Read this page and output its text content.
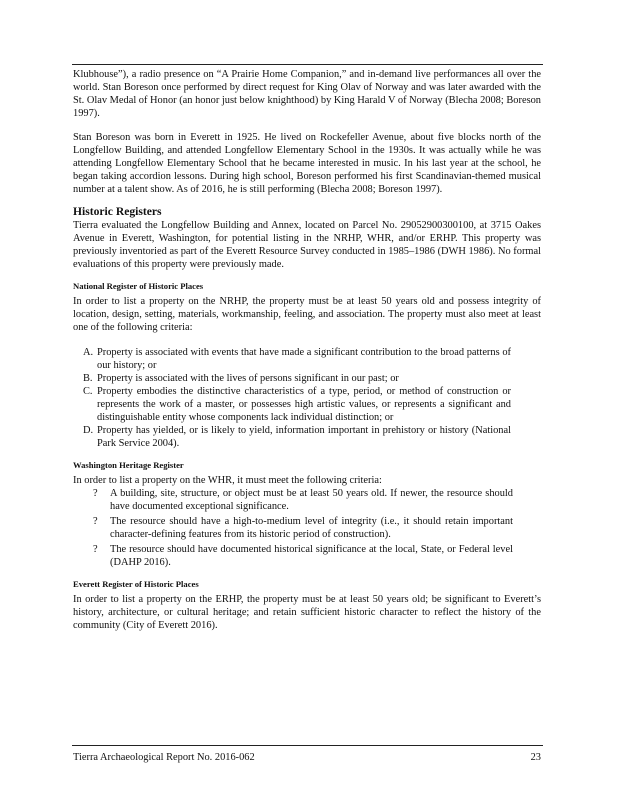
Klubhouse”), a radio presence on “A Prairie Home Companion,” and in-demand live performances all over the world. Stan Boreson once performed by direct request for King Olav of Norway and was later awarded with the St. Olav Medal of Honor (an honor just below knighthood) by King Harald V of Norway (Blecha 2008; Boreson 1997).

Stan Boreson was born in Everett in 1925. He lived on Rockefeller Avenue, about five blocks north of the Longfellow Building, and attended Longfellow Elementary School in the 1930s. It was actually while he was attending Longfellow Elementary School that he became interested in music. In his last year at the school, he began taking accordion lessons. During high school, Boreson performed his first Scandinavian-themed musical number at a talent show. As of 2016, he is still performing (Blecha 2008; Boreson 1997).

Historic Registers

Tierra evaluated the Longfellow Building and Annex, located on Parcel No. 29052900300100, at 3715 Oakes Avenue in Everett, Washington, for potential listing in the NRHP, WHR, and/or ERHP. This property was previously inventoried as part of the Everett Resource Survey conducted in 1985–1986 (DWH 1986). No formal evaluations of this property were previously made.

National Register of Historic Places

In order to list a property on the NRHP, the property must be at least 50 years old and possess integrity of location, design, setting, materials, workmanship, feeling, and association. The property must also meet at least one of the following criteria:

A. Property is associated with events that have made a significant contribution to the broad patterns of our history; or
B. Property is associated with the lives of persons significant in our past; or
C. Property embodies the distinctive characteristics of a type, period, or method of construction or represents the work of a master, or possesses high artistic values, or represents a significant and distinguishable entity whose components lack individual distinction; or
D. Property has yielded, or is likely to yield, information important in prehistory or history (National Park Service 2004).
Washington Heritage Register

In order to list a property on the WHR, it must meet the following criteria:

? A building, site, structure, or object must be at least 50 years old. If newer, the resource should have documented exceptional significance.
? The resource should have a high-to-medium level of integrity (i.e., it should retain important character-defining features from its historic period of construction).
? The resource should have documented historical significance at the local, State, or Federal level (DAHP 2016).
Everett Register of Historic Places

In order to list a property on the ERHP, the property must be at least 50 years old; be significant to Everett’s history, architecture, or cultural heritage; and retain sufficient historic character to reflect the history of the community (City of Everett 2016).

Tierra Archaeological Report No. 2016-062	23
